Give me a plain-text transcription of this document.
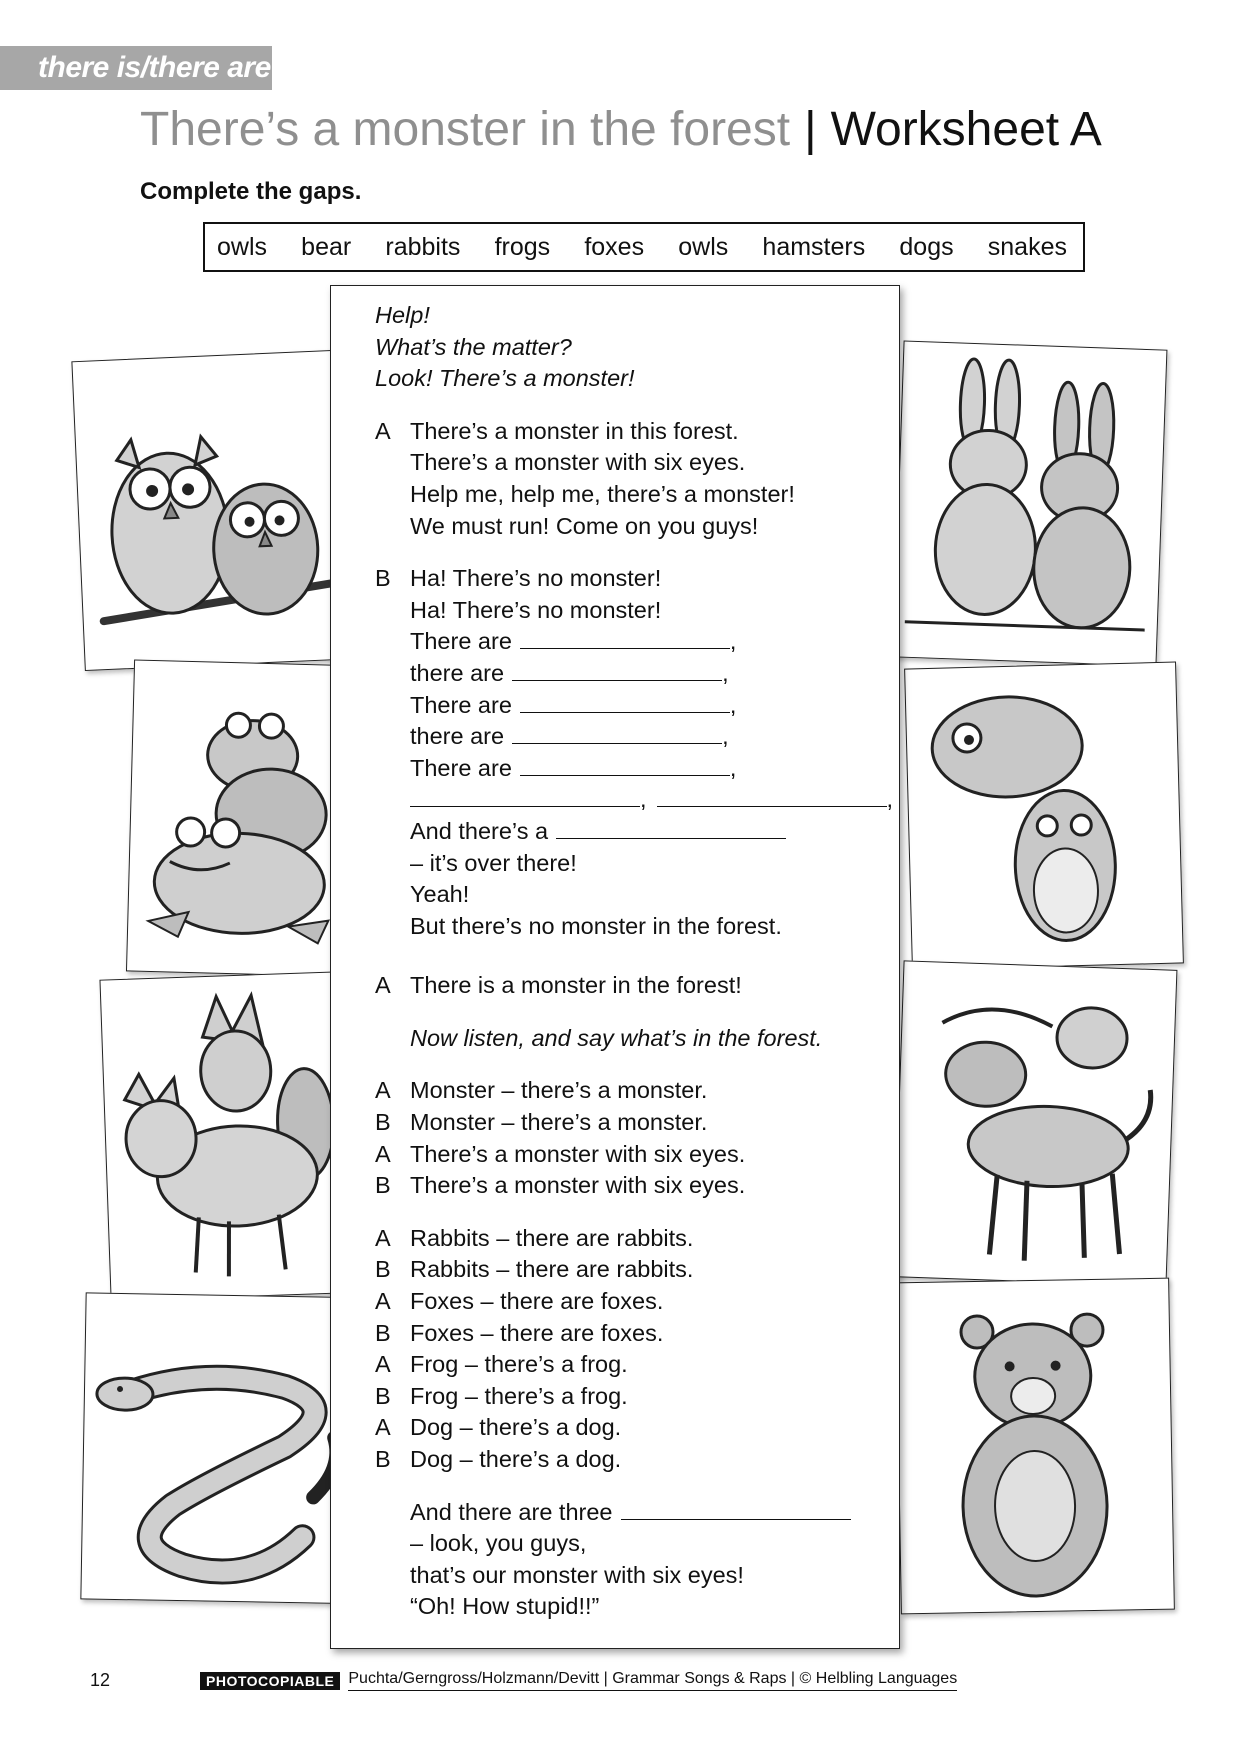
there is/there are
There’s a monster in the forest | Worksheet A
Complete the gaps.
owls bear rabbits frogs foxes owls hamsters dogs snakes
Help!
What’s the matter?
Look! There’s a monster!
A There’s a monster in this forest.
There’s a monster with six eyes.
Help me, help me, there’s a monster!
We must run! Come on you guys!
B Ha! There’s no monster!
Ha! There’s no monster!
There are	,
there are	,
There are	,
there are	,
There are	,
,	,
And there’s a
– it’s over there!
Yeah!
But there’s no monster in the forest.
A There is a monster in the forest!
Now listen, and say what’s in the forest.
A Monster – there’s a monster.
B Monster – there’s a monster.
A There’s a monster with six eyes.
B There’s a monster with six eyes.
A Rabbits – there are rabbits.
B Rabbits – there are rabbits.
A Foxes – there are foxes.
B Foxes – there are foxes.
A Frog – there’s a frog.
B Frog – there’s a frog.
A Dog – there’s a dog.
B Dog – there’s a dog.
And there are three
– look, you guys,
that’s our monster with six eyes!
“Oh! How stupid!!”
12	PHOTOCOPIABLE Puchta/Gerngross/Holzmann/Devitt | Grammar Songs & Raps | © Helbling Languages
